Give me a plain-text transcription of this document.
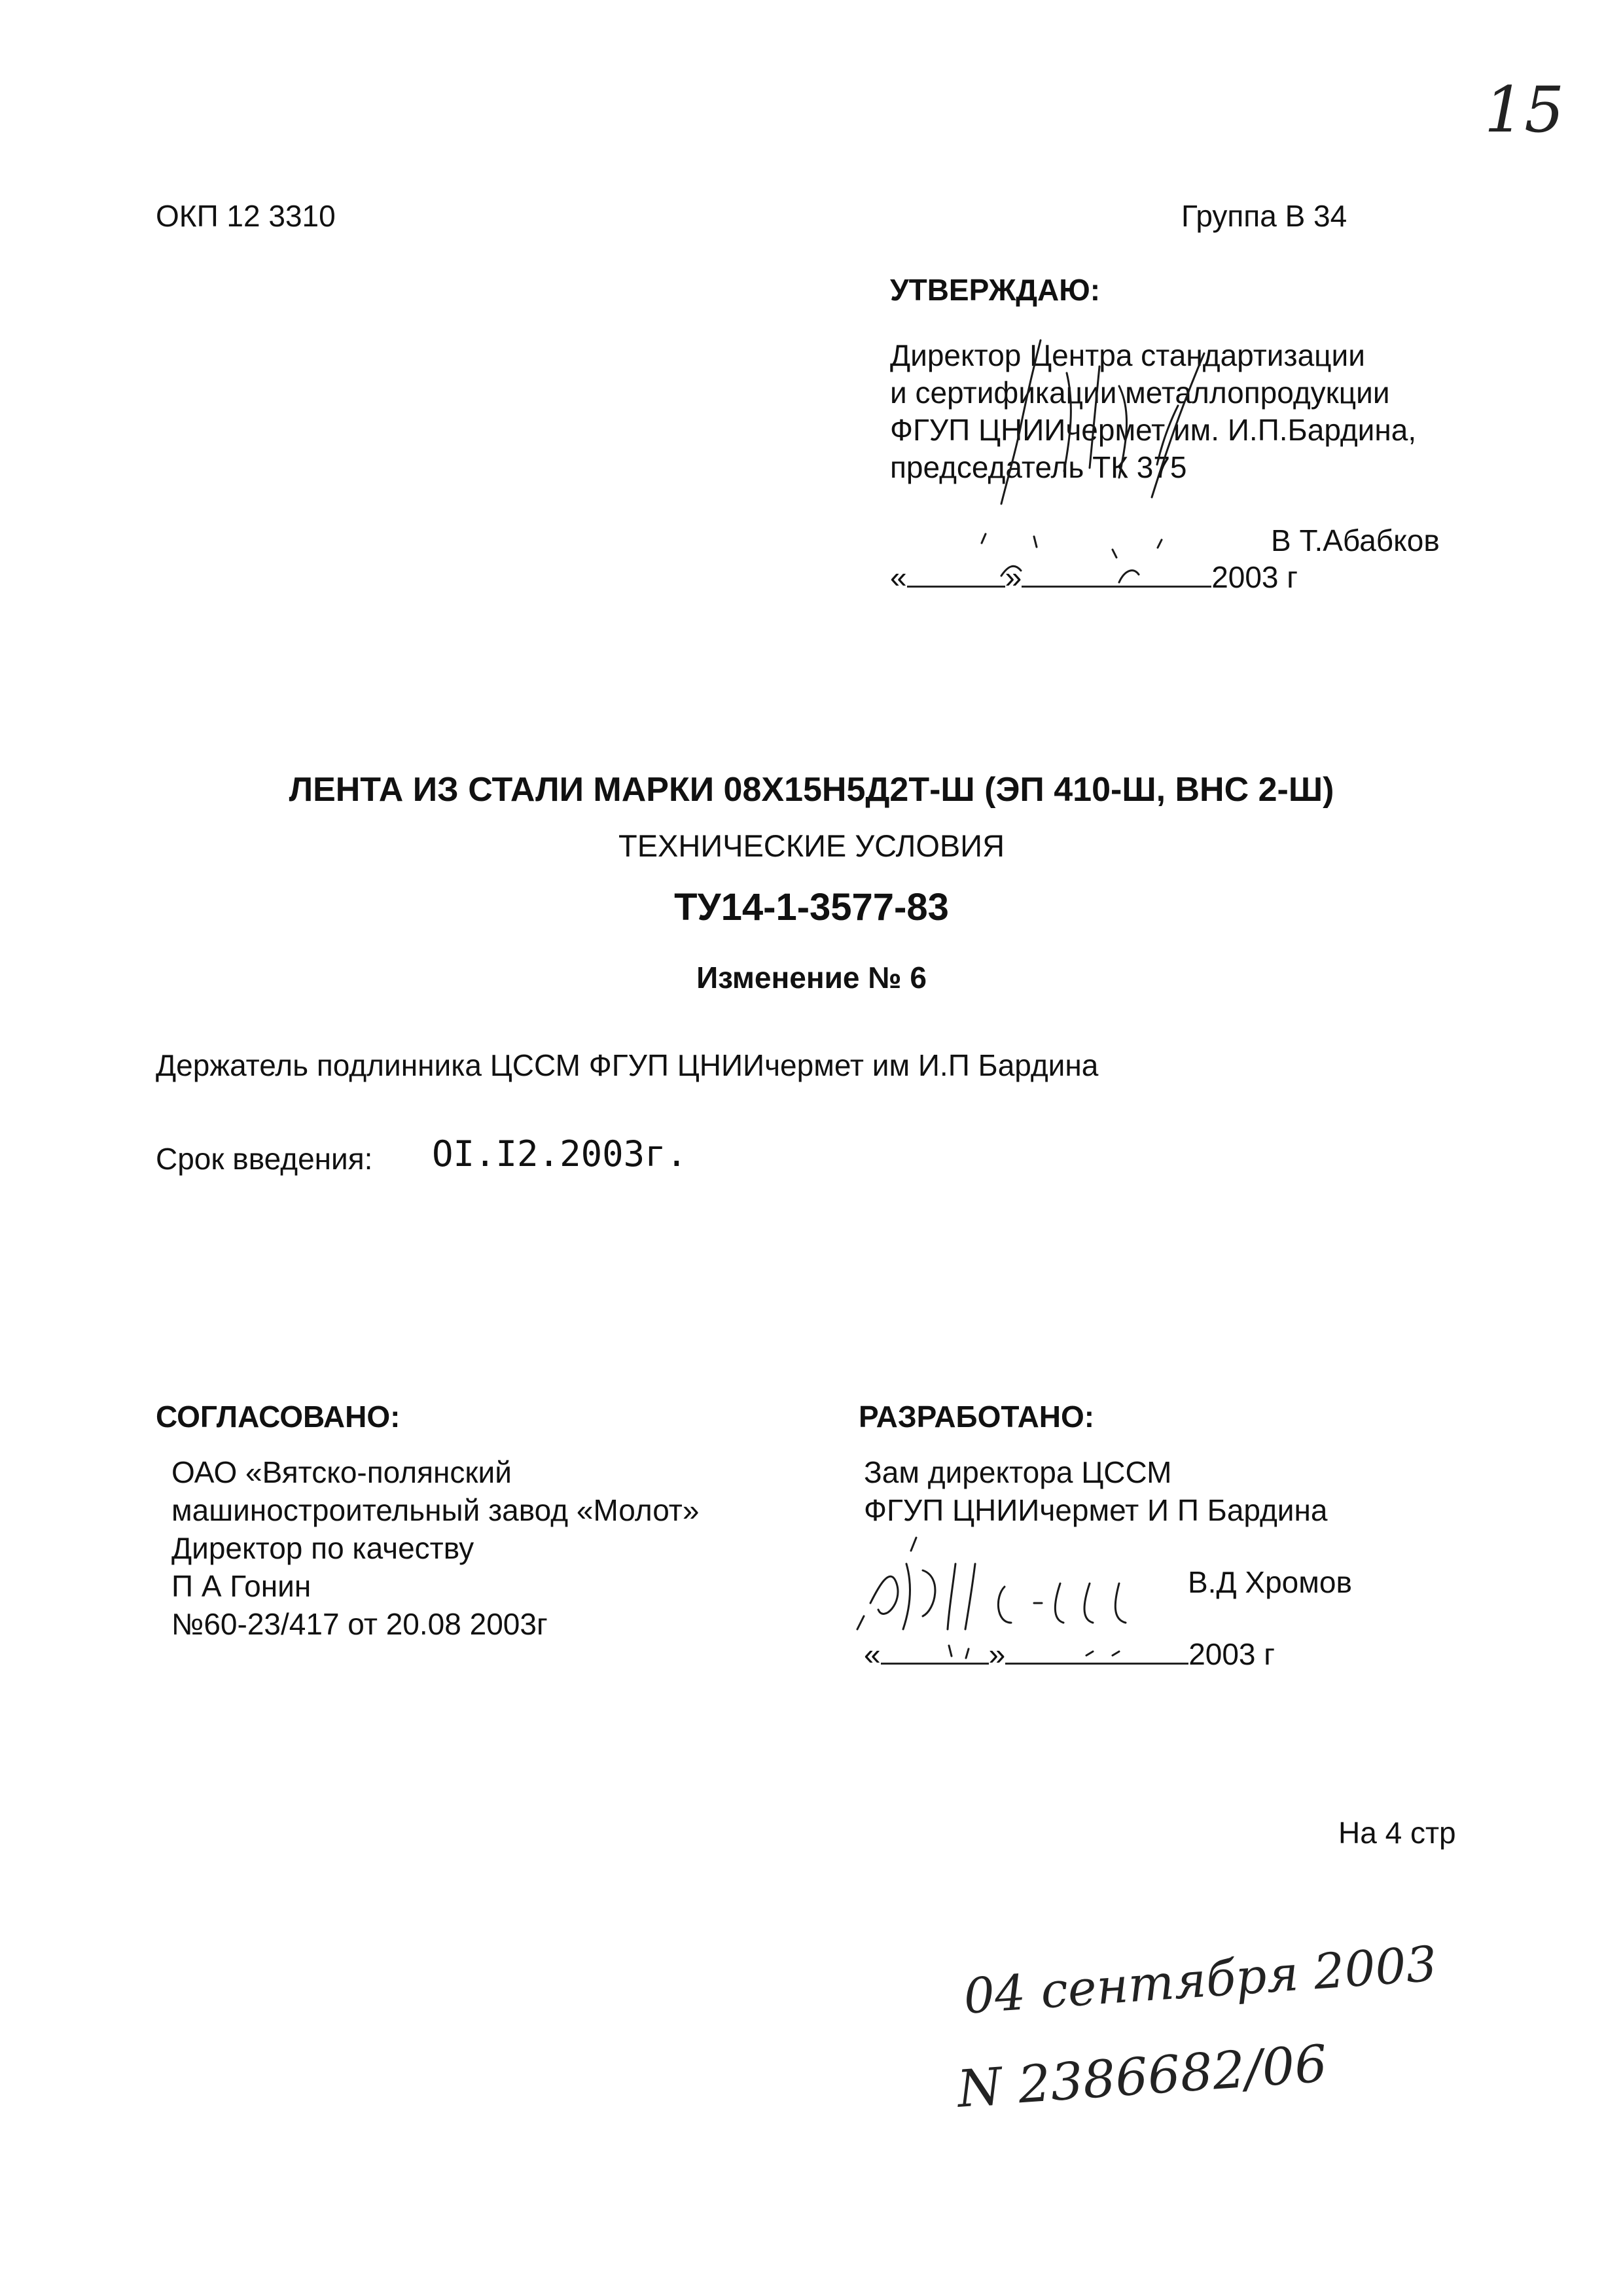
15
ОКП 12 3310	Группа В 34
УТВЕРЖДАЮ:
Директор Центра стандартизации
и сертификации металлопродукции
ФГУП ЦНИИчермет им. И.П.Бардина,
председатель ТК 375
В Т.Абабков
«	»	2003 г
ЛЕНТА ИЗ СТАЛИ МАРКИ 08Х15Н5Д2Т-Ш (ЭП 410-Ш, ВНС 2-Ш)
ТЕХНИЧЕСКИЕ УСЛОВИЯ
ТУ14-1-3577-83
Изменение № 6
Держатель подлинника ЦССМ ФГУП ЦНИИчермет им И.П Бардина
Срок введения: OI.I2.2003г.
СОГЛАСОВАНО:
ОАО «Вятско-полянский
машиностроительный завод «Молот»
Директор по качеству
П А Гонин
№60-23/417 от 20.08 2003г
РАЗРАБОТАНО:
Зам директора ЦССМ
ФГУП ЦНИИчермет И П Бардина
В.Д Хромов
«	»	2003 г
На 4 стр
04 сентября 2003
N 2386682/06
